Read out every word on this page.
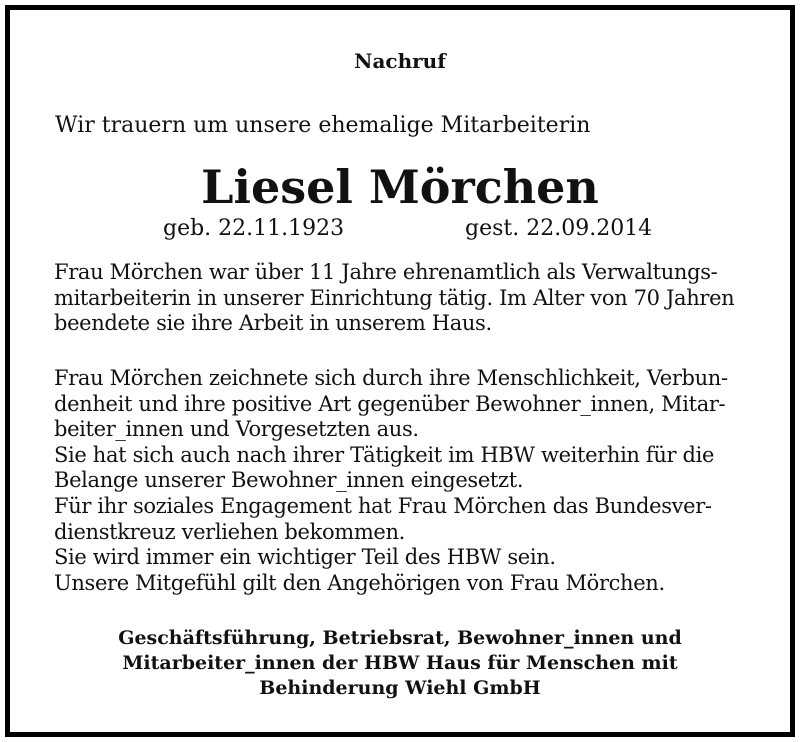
Nachruf
Wir trauern um unsere ehemalige Mitarbeiterin
Liesel Mörchen
geb. 22.11.1923	gest. 22.09.2014
Frau Mörchen war über 11 Jahre ehrenamtlich als Verwaltungs-
mitarbeiterin in unserer Einrichtung tätig. Im Alter von 70 Jahren
beendete sie ihre Arbeit in unserem Haus.
Frau Mörchen zeichnete sich durch ihre Menschlichkeit, Verbun-
denheit und ihre positive Art gegenüber Bewohner_innen, Mitar-
beiter_innen und Vorgesetzten aus.
Sie hat sich auch nach ihrer Tätigkeit im HBW weiterhin für die
Belange unserer Bewohner_innen eingesetzt.
Für ihr soziales Engagement hat Frau Mörchen das Bundesver-
dienstkreuz verliehen bekommen.
Sie wird immer ein wichtiger Teil des HBW sein.
Unsere Mitgefühl gilt den Angehörigen von Frau Mörchen.
Geschäftsführung, Betriebsrat, Bewohner_innen und
Mitarbeiter_innen der HBW Haus für Menschen mit
Behinderung Wiehl GmbH
